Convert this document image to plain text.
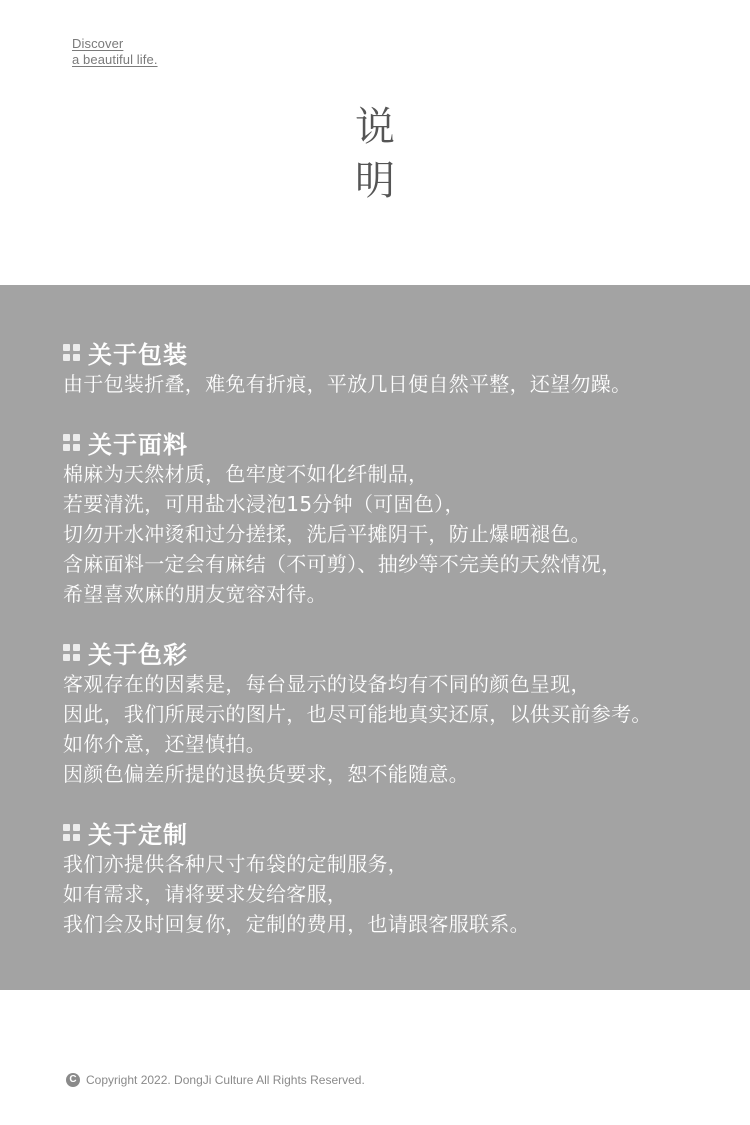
Discover
a beautiful life.
说
明
关于包装
由于包装折叠，难免有折痕，平放几日便自然平整，还望勿躁。
关于面料
棉麻为天然材质，色牢度不如化纤制品，
若要清洗，可用盐水浸泡15分钟（可固色），
切勿开水冲烫和过分搓揉，洗后平摊阴干，防止爆晒褪色。
含麻面料一定会有麻结（不可剪）、抽纱等不完美的天然情况，
希望喜欢麻的朋友宽容对待。
关于色彩
客观存在的因素是，每台显示的设备均有不同的颜色呈现，
因此，我们所展示的图片，也尽可能地真实还原，以供买前参考。
如你介意，还望慎拍。
因颜色偏差所提的退换货要求，恕不能随意。
关于定制
我们亦提供各种尺寸布袋的定制服务，
如有需求，请将要求发给客服，
我们会及时回复你，定制的费用，也请跟客服联系。
C Copyright 2022. DongJi Culture All Rights Reserved.
